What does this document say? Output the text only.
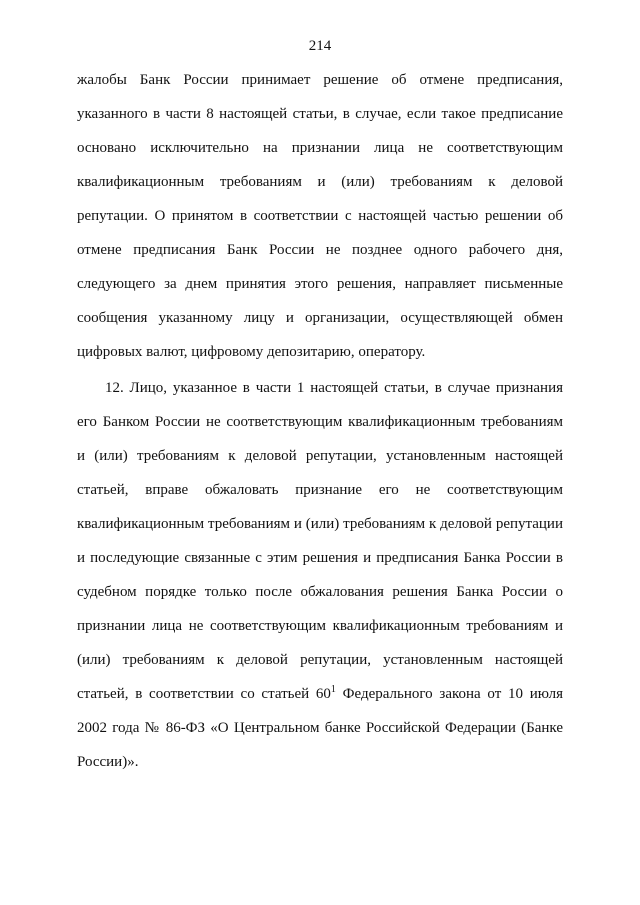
214
жалобы Банк России принимает решение об отмене предписания,
указанного в части 8 настоящей статьи, в случае, если такое предписание
основано исключительно на признании лица не соответствующим
квалификационным требованиям и (или) требованиям к деловой
репутации. О принятом в соответствии с настоящей частью решении об
отмене предписания Банк России не позднее одного рабочего дня,
следующего за днем принятия этого решения, направляет письменные
сообщения указанному лицу и организации, осуществляющей обмен
цифровых валют, цифровому депозитарию, оператору.
12. Лицо, указанное в части 1 настоящей статьи, в случае признания
его Банком России не соответствующим квалификационным требованиям
и (или) требованиям к деловой репутации, установленным настоящей
статьей, вправе обжаловать признание его не соответствующим
квалификационным требованиям и (или) требованиям к деловой репутации
и последующие связанные с этим решения и предписания Банка России в
судебном порядке только после обжалования решения Банка России о
признании лица не соответствующим квалификационным требованиям и
(или) требованиям к деловой репутации, установленным настоящей
статьей, в соответствии со статьей $60^1$ Федерального закона от 10 июля
2002 года № 86-ФЗ «О Центральном банке Российской Федерации (Банке
России)».
